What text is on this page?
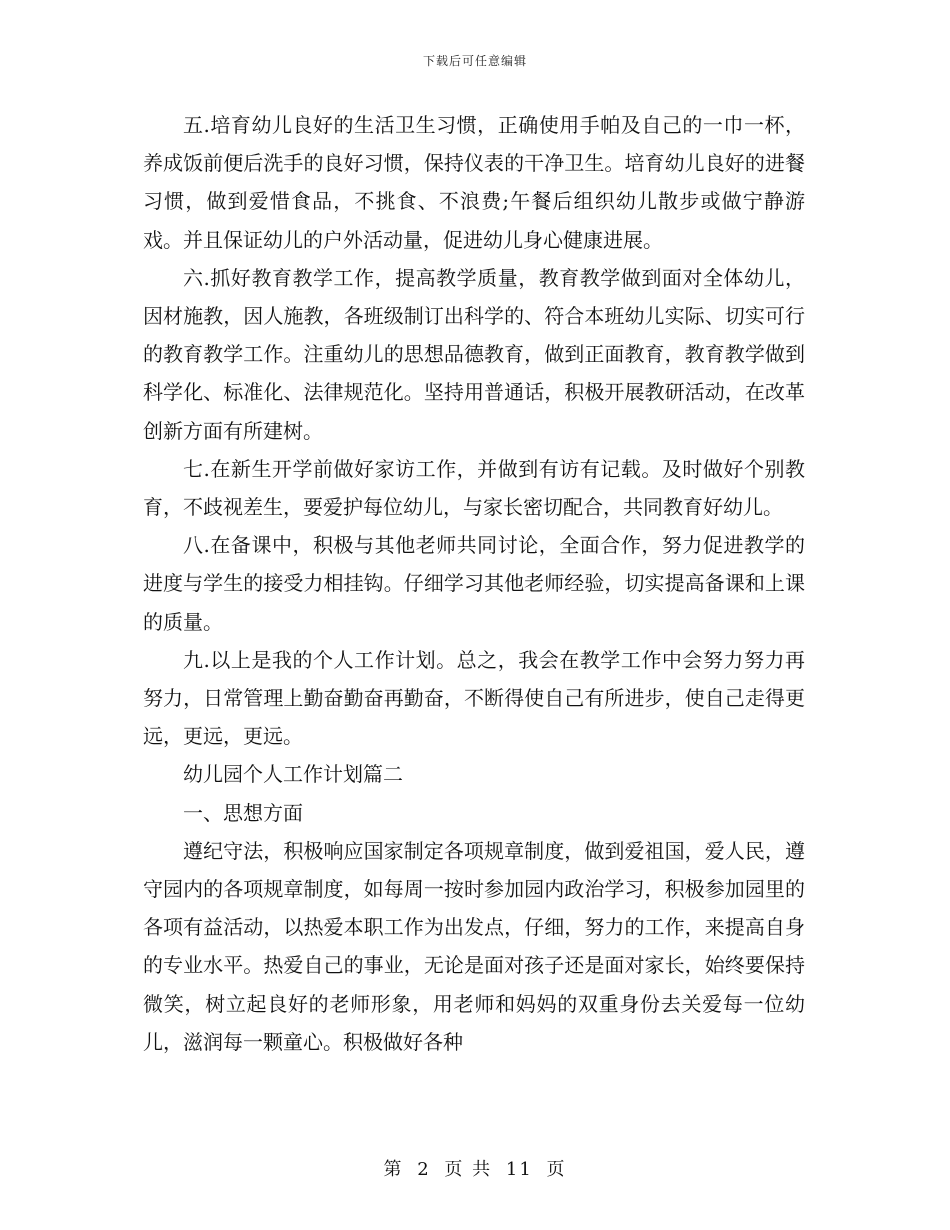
下载后可任意编辑

五.培育幼儿良好的生活卫生习惯，正确使用手帕及自己的一巾一杯，养成饭前便后洗手的良好习惯，保持仪表的干净卫生。培育幼儿良好的进餐习惯，做到爱惜食品，不挑食、不浪费;午餐后组织幼儿散步或做宁静游戏。并且保证幼儿的户外活动量，促进幼儿身心健康进展。

六.抓好教育教学工作，提高教学质量，教育教学做到面对全体幼儿，因材施教，因人施教，各班级制订出科学的、符合本班幼儿实际、切实可行的教育教学工作。注重幼儿的思想品德教育，做到正面教育，教育教学做到科学化、标准化、法律规范化。坚持用普通话，积极开展教研活动，在改革创新方面有所建树。

七.在新生开学前做好家访工作，并做到有访有记载。及时做好个别教育，不歧视差生，要爱护每位幼儿，与家长密切配合，共同教育好幼儿。

八.在备课中，积极与其他老师共同讨论，全面合作，努力促进教学的进度与学生的接受力相挂钩。仔细学习其他老师经验，切实提高备课和上课的质量。

九.以上是我的个人工作计划。总之，我会在教学工作中会努力努力再努力，日常管理上勤奋勤奋再勤奋，不断得使自己有所进步，使自己走得更远，更远，更远。

幼儿园个人工作计划篇二

一、思想方面

遵纪守法，积极响应国家制定各项规章制度，做到爱祖国，爱人民，遵守园内的各项规章制度，如每周一按时参加园内政治学习，积极参加园里的各项有益活动，以热爱本职工作为出发点，仔细，努力的工作，来提高自身的专业水平。热爱自己的事业，无论是面对孩子还是面对家长，始终要保持微笑，树立起良好的老师形象，用老师和妈妈的双重身份去关爱每一位幼儿，滋润每一颗童心。积极做好各种

第 2 页 共 11 页
